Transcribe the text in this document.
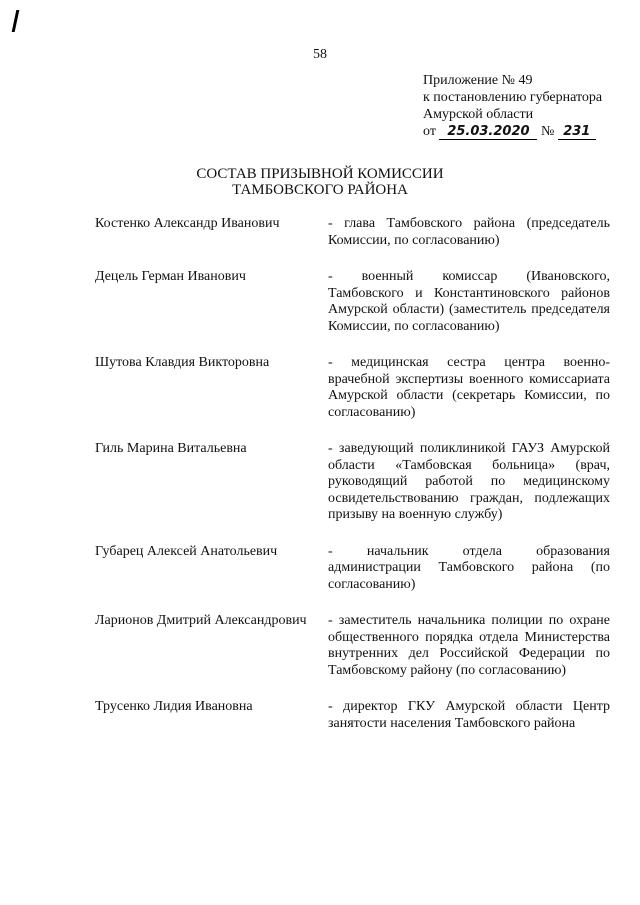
58
Приложение № 49
к постановлению губернатора
Амурской области
от 25.03.2020 № 231
СОСТАВ ПРИЗЫВНОЙ КОМИССИИ
ТАМБОВСКОГО РАЙОНА
Костенко Александр Иванович	- глава Тамбовского района (председатель Комиссии, по согласованию)
Децель Герман Иванович	- военный комиссар (Ивановского, Тамбовского и Константиновского районов Амурской области) (заместитель председателя Комиссии, по согласованию)
Шутова Клавдия Викторовна	- медицинская сестра центра военно-врачебной экспертизы военного комиссариата Амурской области (секретарь Комиссии, по согласованию)
Гиль Марина Витальевна	- заведующий поликлиникой ГАУЗ Амурской области «Тамбовская больница» (врач, руководящий работой по медицинскому освидетельствованию граждан, подлежащих призыву на военную службу)
Губарец Алексей Анатольевич	- начальник отдела образования администрации Тамбовского района (по согласованию)
Ларионов Дмитрий Александрович	- заместитель начальника полиции по охране общественного порядка отдела Министерства внутренних дел Российской Федерации по Тамбовскому району (по согласованию)
Трусенко Лидия Ивановна	- директор ГКУ Амурской области Центр занятости населения Тамбовского района
